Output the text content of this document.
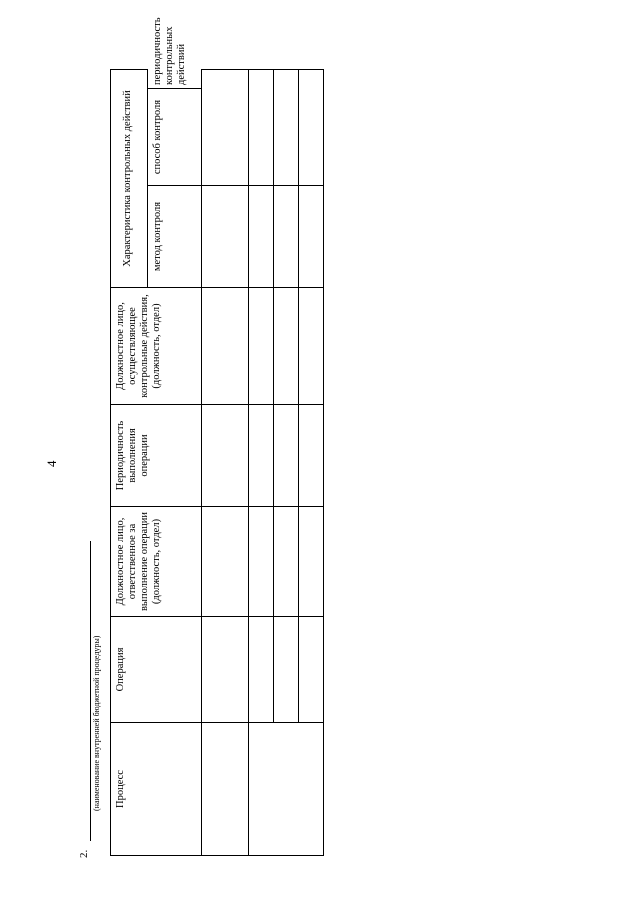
4
2.
(наименование внутренней бюджетной процедуры)	Процесс	Операция	Должностное лицо, ответственное за выполнение операции (должность, отдел)	Периодичность выполнения операции	Должностное лицо, осуществляющее контрольные действия, (должность, отдел)	Характеристика контрольных действий		

					метод контроля	способ контроля	периодичность контрольных действий
